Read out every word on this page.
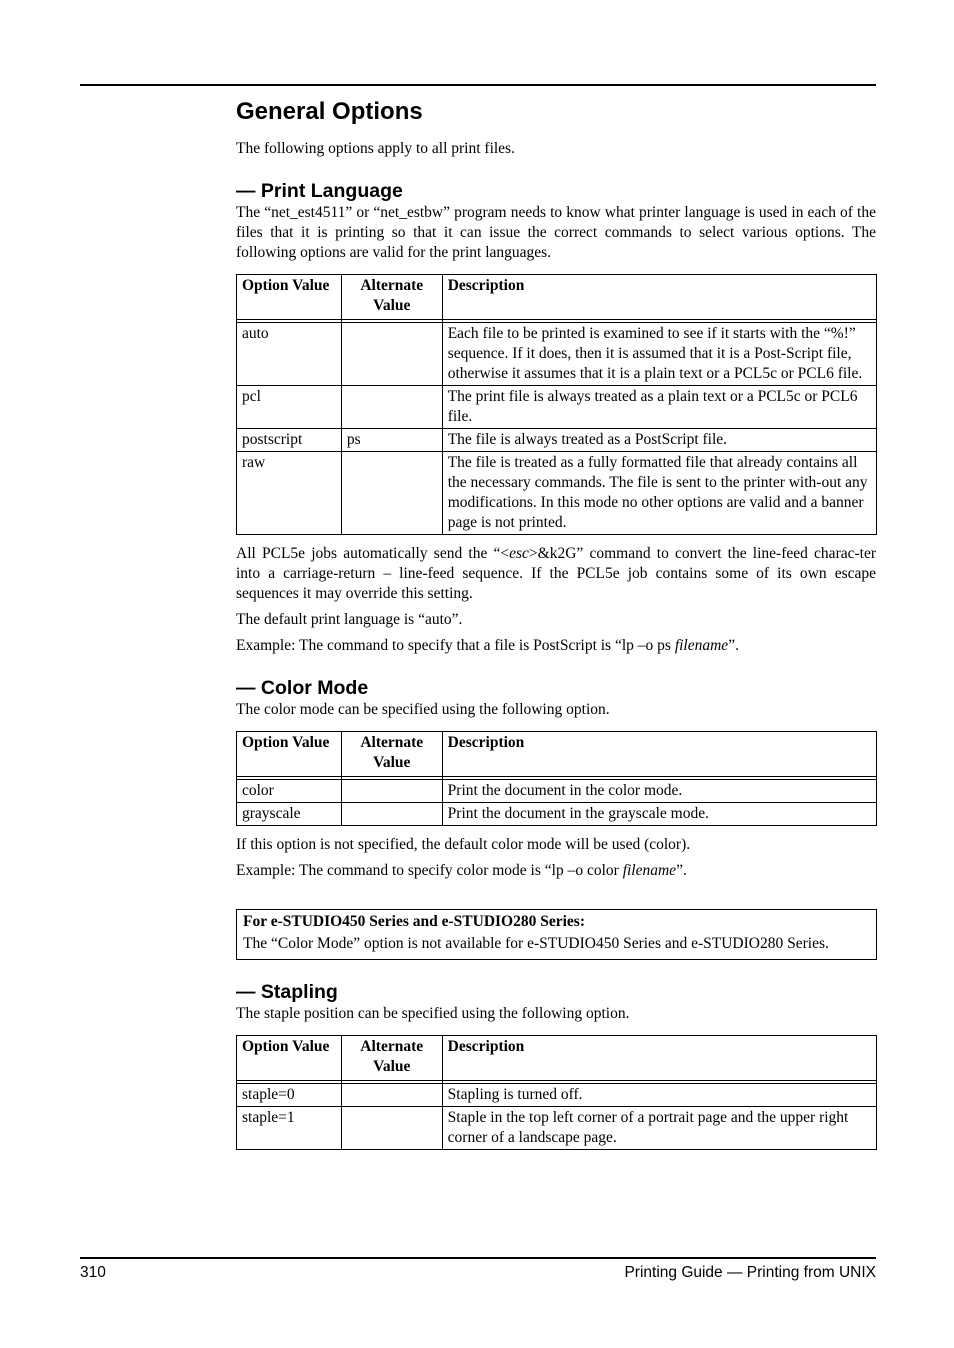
General Options

The following options apply to all print files.

— Print Language

The “net_est4511” or “net_estbw” program needs to know what printer language is used in each of the files that it is printing so that it can issue the correct commands to select various options. The following options are valid for the print languages.

Option Value	Alternate Value	Description

auto		Each file to be printed is examined to see if it starts with the “%!” sequence. If it does, then it is assumed that it is a Post-Script file, otherwise it assumes that it is a plain text or a PCL5c or PCL6 file.
pcl		The print file is always treated as a plain text or a PCL5c or PCL6 file.
postscript	ps	The file is always treated as a PostScript file.
raw		The file is treated as a fully formatted file that already contains all the necessary commands. The file is sent to the printer with-out any modifications. In this mode no other options are valid and a banner page is not printed.

All PCL5e jobs automatically send the “<esc>&k2G” command to convert the line-feed charac-ter into a carriage-return – line-feed sequence. If the PCL5e job contains some of its own escape sequences it may override this setting.

The default print language is “auto”.

Example: The command to specify that a file is PostScript is “lp –o ps filename”.

— Color Mode

The color mode can be specified using the following option.

Option Value	Alternate Value	Description

color		Print the document in the color mode.
grayscale		Print the document in the grayscale mode.

If this option is not specified, the default color mode will be used (color).

Example: The command to specify color mode is “lp –o color filename”.

For e-STUDIO450 Series and e-STUDIO280 Series:
The “Color Mode” option is not available for e-STUDIO450 Series and e-STUDIO280 Series.
— Stapling

The staple position can be specified using the following option.

Option Value	Alternate Value	Description

staple=0		Stapling is turned off.
staple=1		Staple in the top left corner of a portrait page and the upper right corner of a landscape page.
310	Printing Guide — Printing from UNIX
